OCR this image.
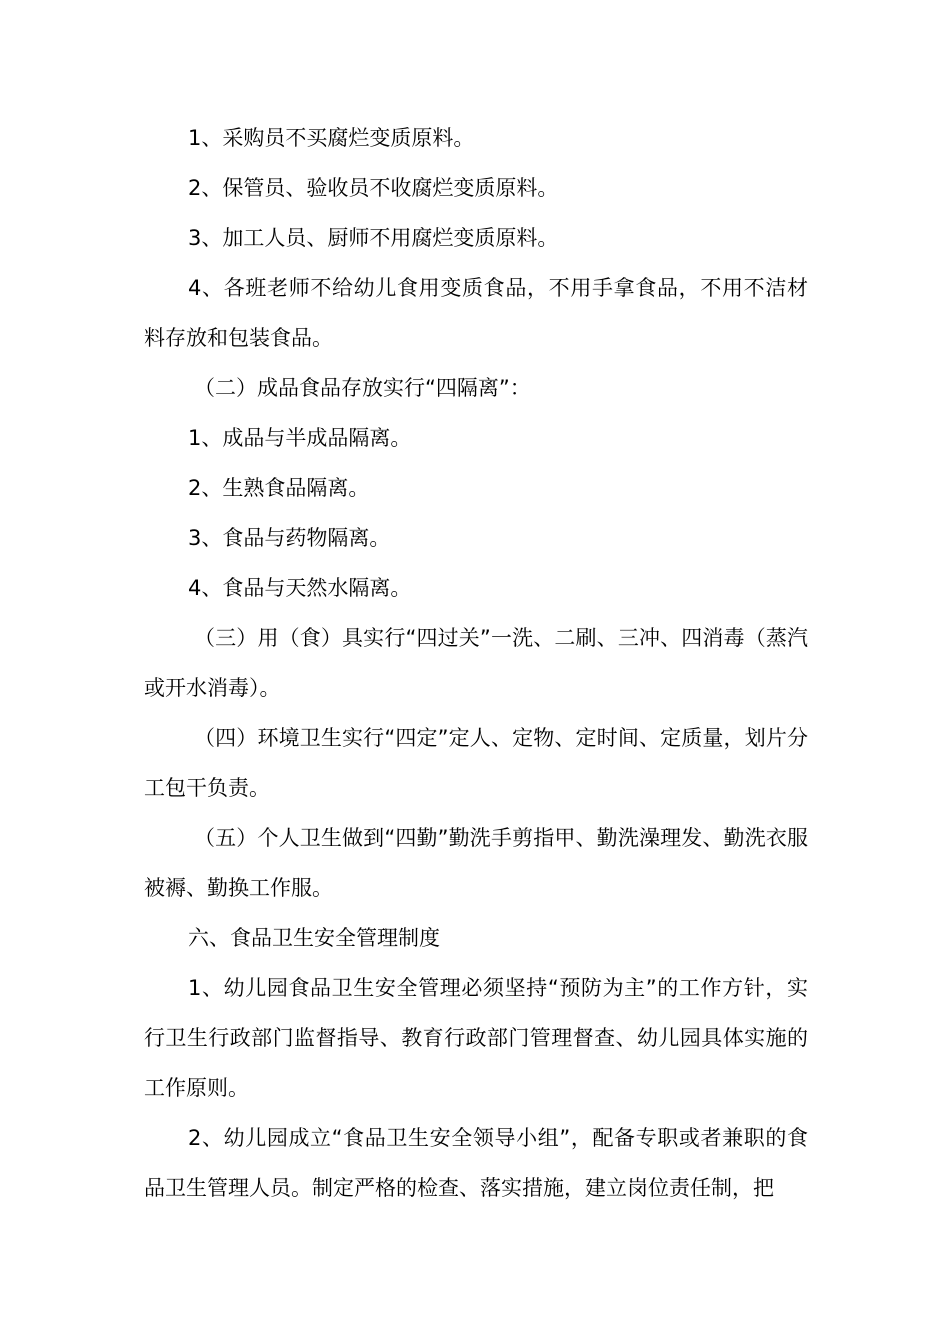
1、采购员不买腐烂变质原料。

2、保管员、验收员不收腐烂变质原料。

3、加工人员、厨师不用腐烂变质原料。

4、各班老师不给幼儿食用变质食品，不用手拿食品，不用不洁材料存放和包装食品。

（二）成品食品存放实行“四隔离”：

1、成品与半成品隔离。

2、生熟食品隔离。

3、食品与药物隔离。

4、食品与天然水隔离。

（三）用（食）具实行“四过关”一洗、二刷、三冲、四消毒（蒸汽或开水消毒）。

（四）环境卫生实行“四定”定人、定物、定时间、定质量，划片分工包干负责。

（五）个人卫生做到“四勤”勤洗手剪指甲、勤洗澡理发、勤洗衣服被褥、勤换工作服。

六、食品卫生安全管理制度

1、幼儿园食品卫生安全管理必须坚持“预防为主”的工作方针，实行卫生行政部门监督指导、教育行政部门管理督查、幼儿园具体实施的工作原则。

2、幼儿园成立“食品卫生安全领导小组”，配备专职或者兼职的食品卫生管理人员。制定严格的检查、落实措施，建立岗位责任制，把
